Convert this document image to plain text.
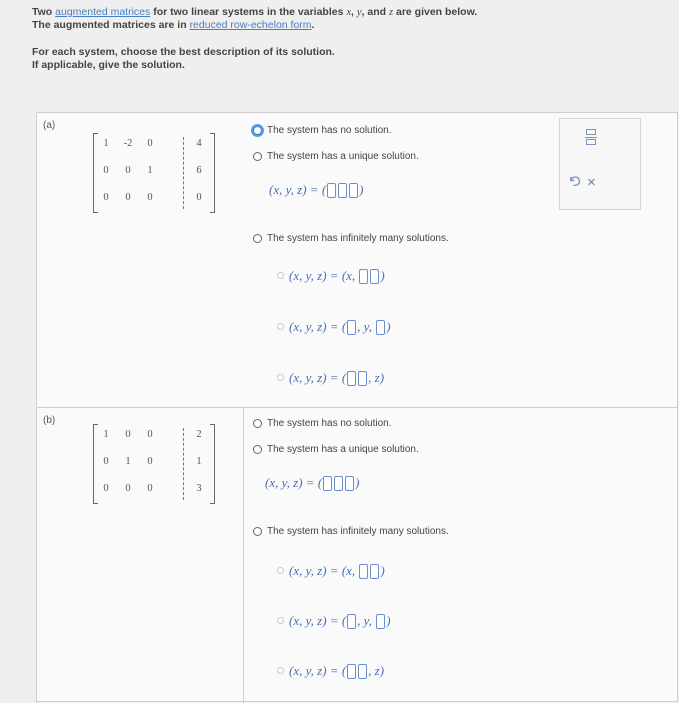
Two augmented matrices for two linear systems in the variables x, y, and z are given below.
The augmented matrices are in reduced row-echelon form.
For each system, choose the best description of its solution.
If applicable, give the solution.
(a)
1	-2	0	4
0	0	1	6
0	0	0	0
The system has no solution.
The system has a unique solution.
(x, y, z) = (	)
The system has infinitely many solutions.
(x, y, z) = (x, )
(x, y, z) = ( , y, )
(x, y, z) = ( , z)
(b)
1	0	0	2
0	1	0	1
0	0	0	3
The system has no solution.
The system has a unique solution.
(x, y, z) = (	)
The system has infinitely many solutions.
(x, y, z) = (x, )
(x, y, z) = ( , y, )
(x, y, z) = ( , z)
×
